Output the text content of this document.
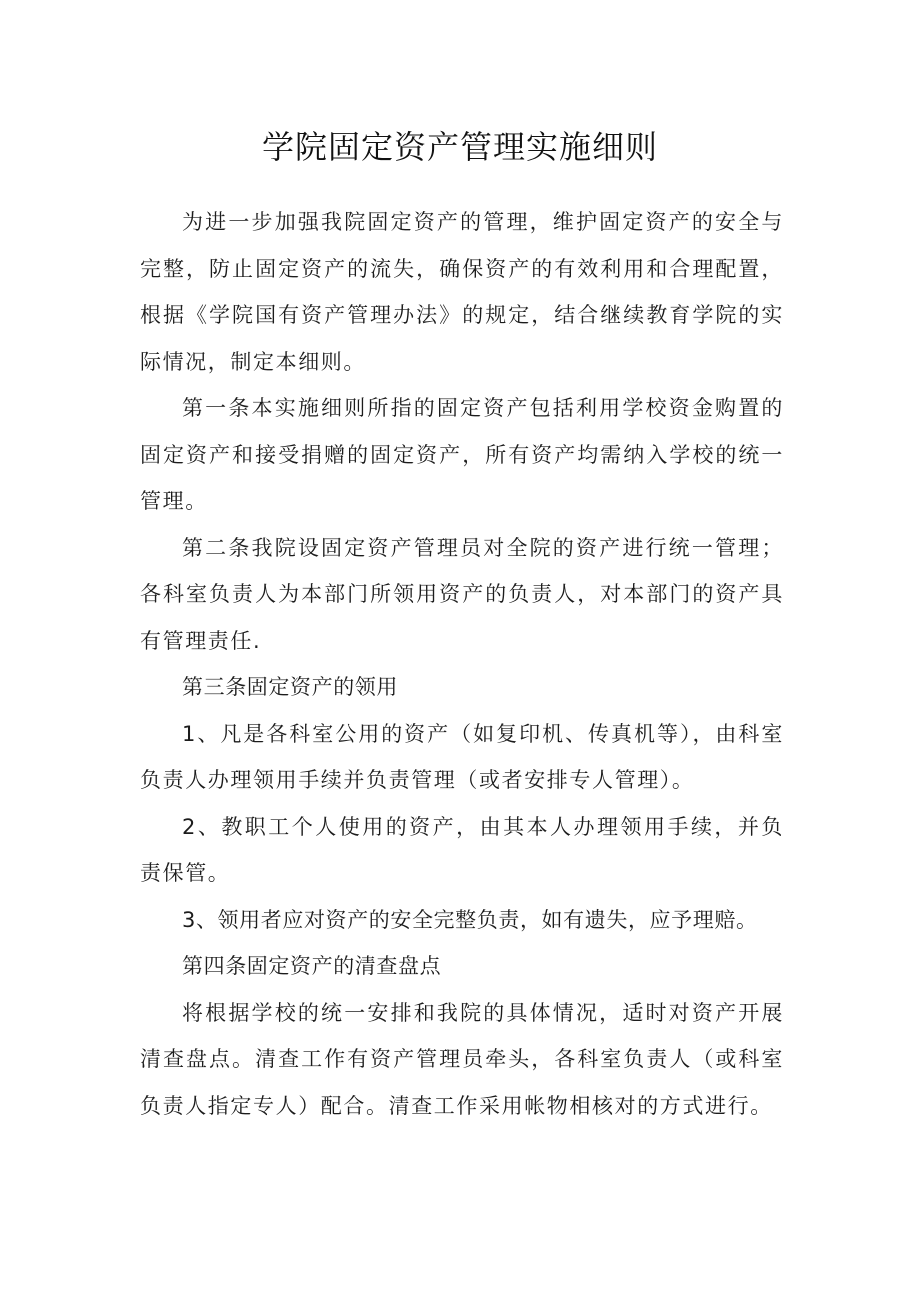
学院固定资产管理实施细则

为进一步加强我院固定资产的管理，维护固定资产的安全与完整，防止固定资产的流失，确保资产的有效利用和合理配置，根据《学院国有资产管理办法》的规定，结合继续教育学院的实际情况，制定本细则。

第一条本实施细则所指的固定资产包括利用学校资金购置的固定资产和接受捐赠的固定资产，所有资产均需纳入学校的统一管理。

第二条我院设固定资产管理员对全院的资产进行统一管理；各科室负责人为本部门所领用资产的负责人，对本部门的资产具有管理责任.

第三条固定资产的领用

1、凡是各科室公用的资产（如复印机、传真机等），由科室负责人办理领用手续并负责管理（或者安排专人管理）。

2、教职工个人使用的资产，由其本人办理领用手续，并负责保管。

3、领用者应对资产的安全完整负责，如有遗失，应予理赔。

第四条固定资产的清查盘点

将根据学校的统一安排和我院的具体情况，适时对资产开展清查盘点。清查工作有资产管理员牵头，各科室负责人（或科室负责人指定专人）配合。清查工作采用帐物相核对的方式进行。
